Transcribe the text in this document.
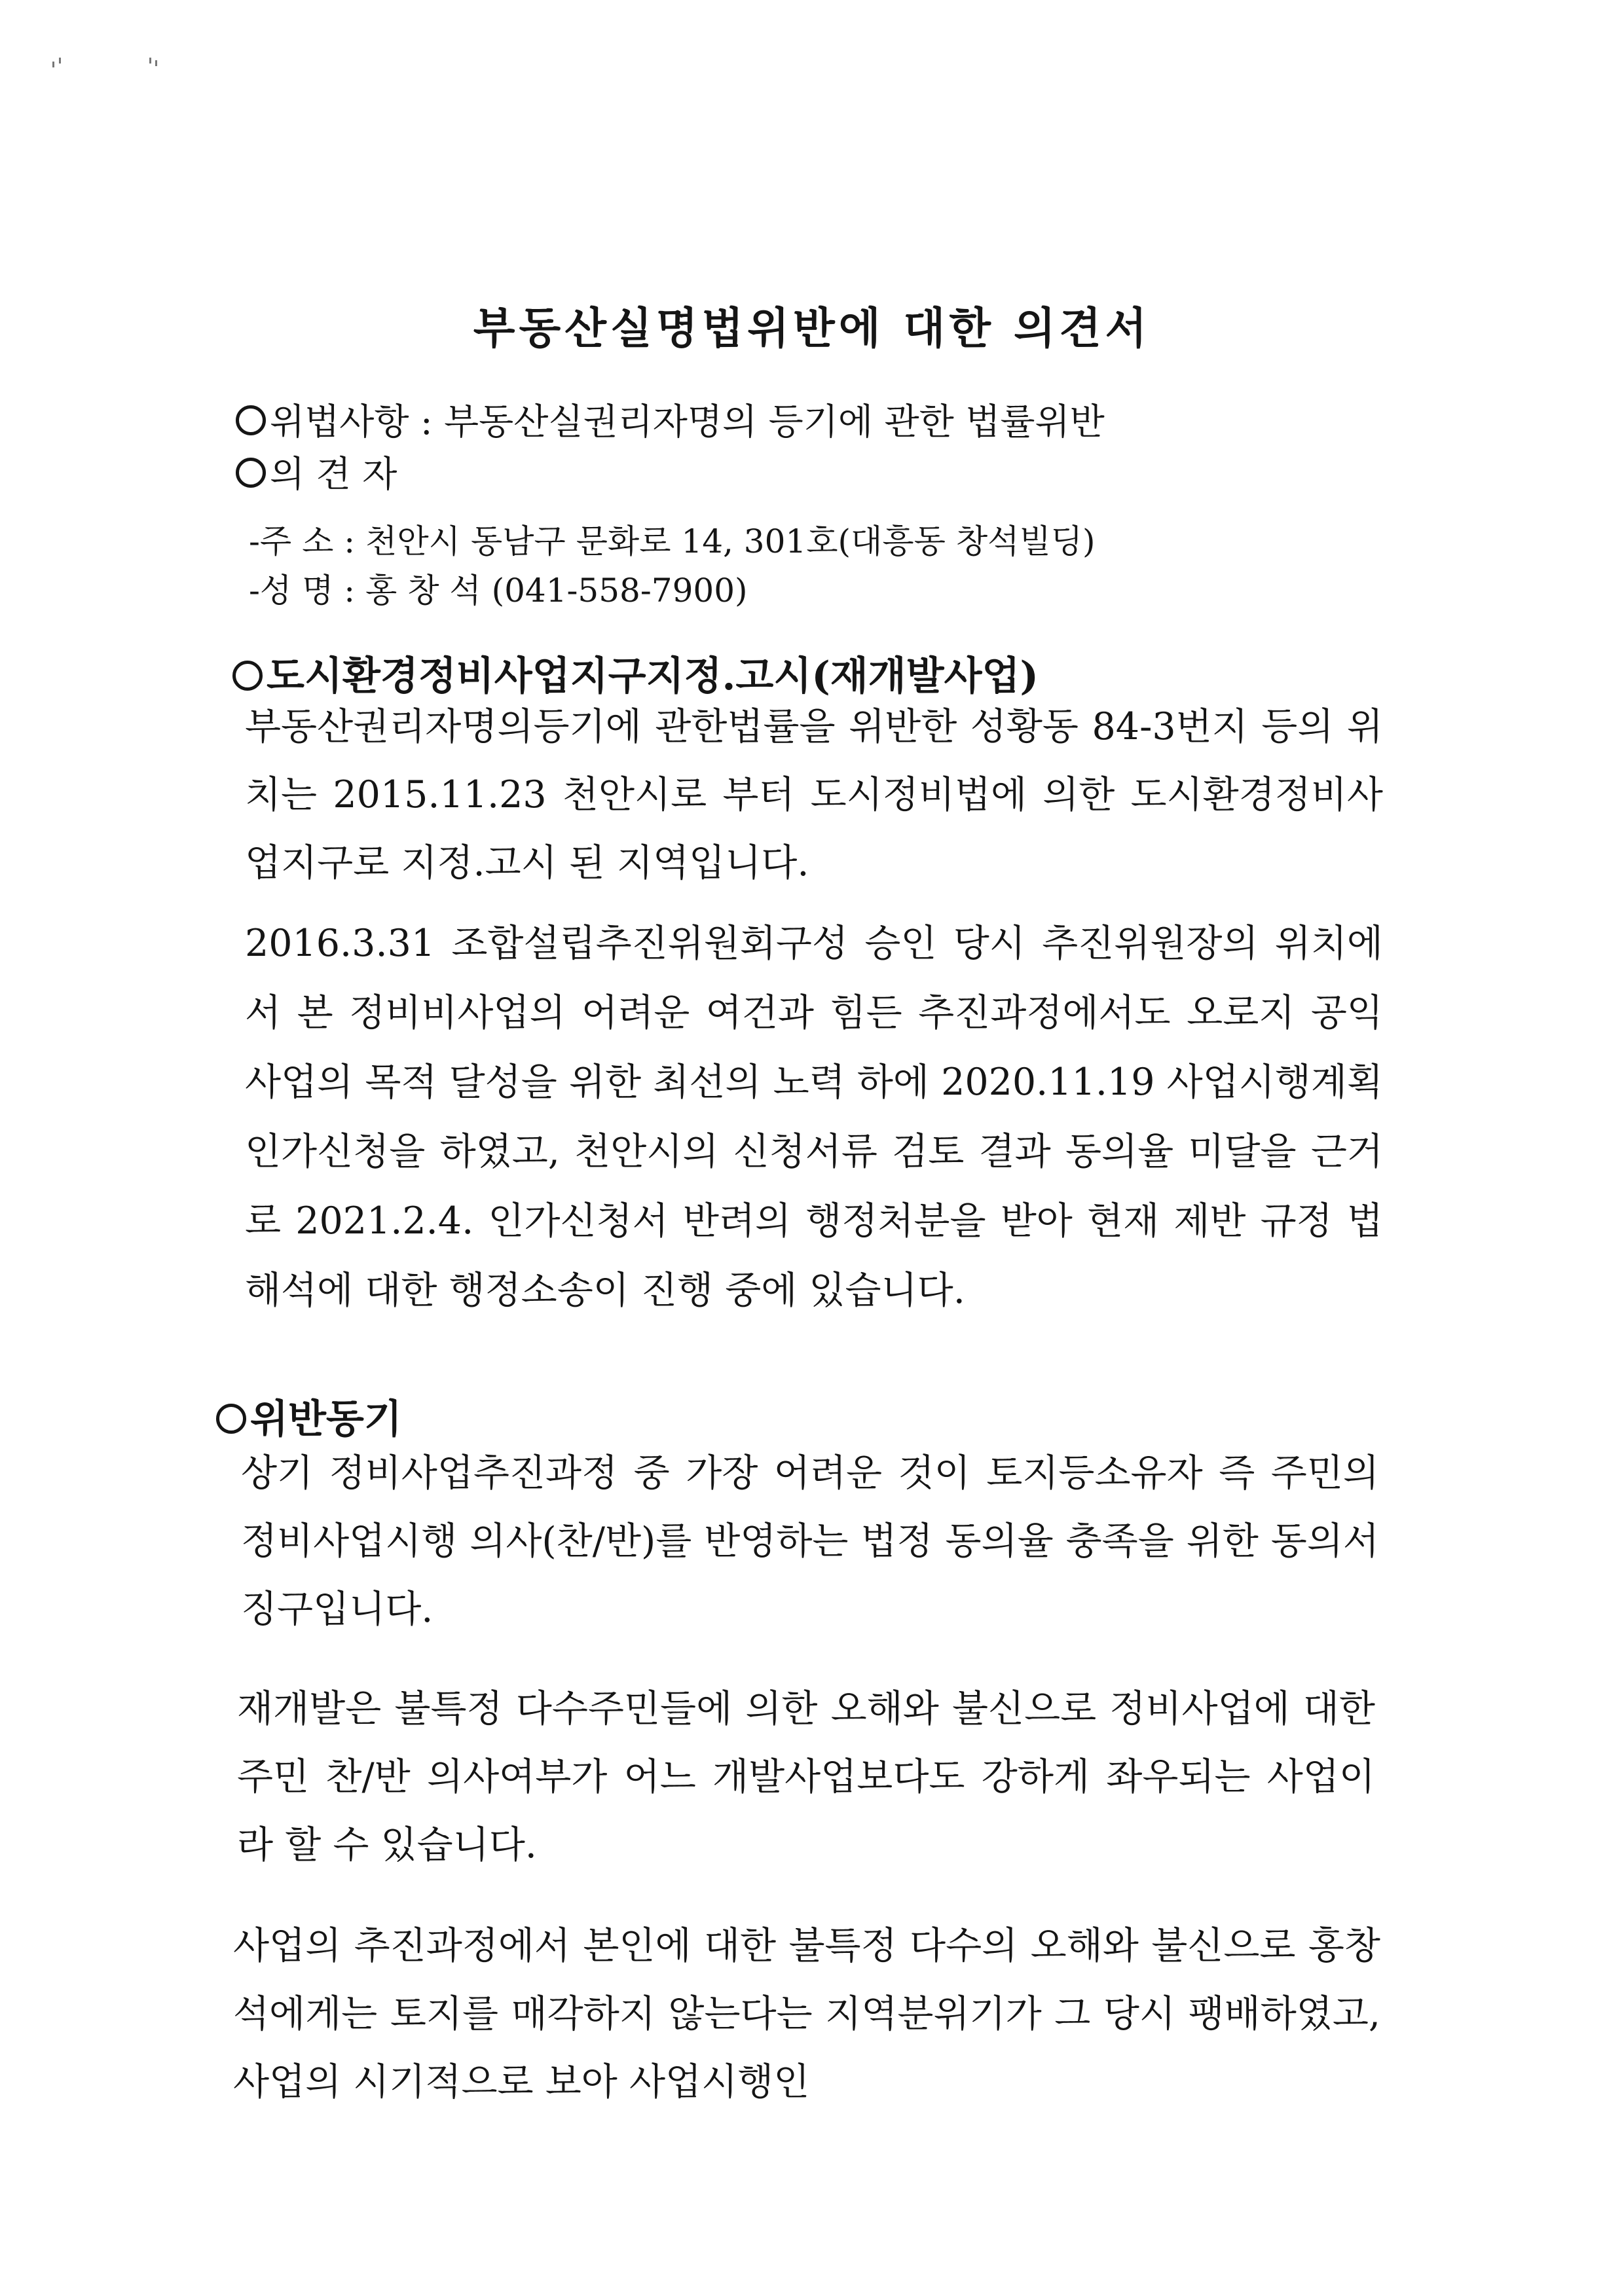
부동산실명법위반에 대한 의견서
위법사항 : 부동산실권리자명의 등기에 관한 법률위반
의 견 자
-주 소 : 천안시 동남구 문화로 14, 301호(대흥동 창석빌딩)
-성 명 : 홍 창 석 (041-558-7900)
도시환경정비사업지구지정.고시(재개발사업)
부동산권리자명의등기에 관한법률을 위반한 성황동 84-3번지 등의 위치는 2015.11.23 천안시로 부터 도시정비법에 의한 도시환경정비사업지구로 지정.고시 된 지역입니다.
2016.3.31 조합설립추진위원회구성 승인 당시 추진위원장의 위치에서 본 정비비사업의 어려운 여건과 힘든 추진과정에서도 오로지 공익사업의 목적 달성을 위한 최선의 노력 하에 2020.11.19 사업시행계획인가신청을 하였고, 천안시의 신청서류 검토 결과 동의율 미달을 근거로 2021.2.4. 인가신청서 반려의 행정처분을 받아 현재 제반 규정 법해석에 대한 행정소송이 진행 중에 있습니다.
위반동기
상기 정비사업추진과정 중 가장 어려운 것이 토지등소유자 즉 주민의 정비사업시행 의사(찬/반)를 반영하는 법정 동의율 충족을 위한 동의서 징구입니다.
재개발은 불특정 다수주민들에 의한 오해와 불신으로 정비사업에 대한 주민 찬/반 의사여부가 어느 개발사업보다도 강하게 좌우되는 사업이라 할 수 있습니다.
사업의 추진과정에서 본인에 대한 불특정 다수의 오해와 불신으로 홍창석에게는 토지를 매각하지 않는다는 지역분위기가 그 당시 팽배하였고, 사업의 시기적으로 보아 사업시행인
